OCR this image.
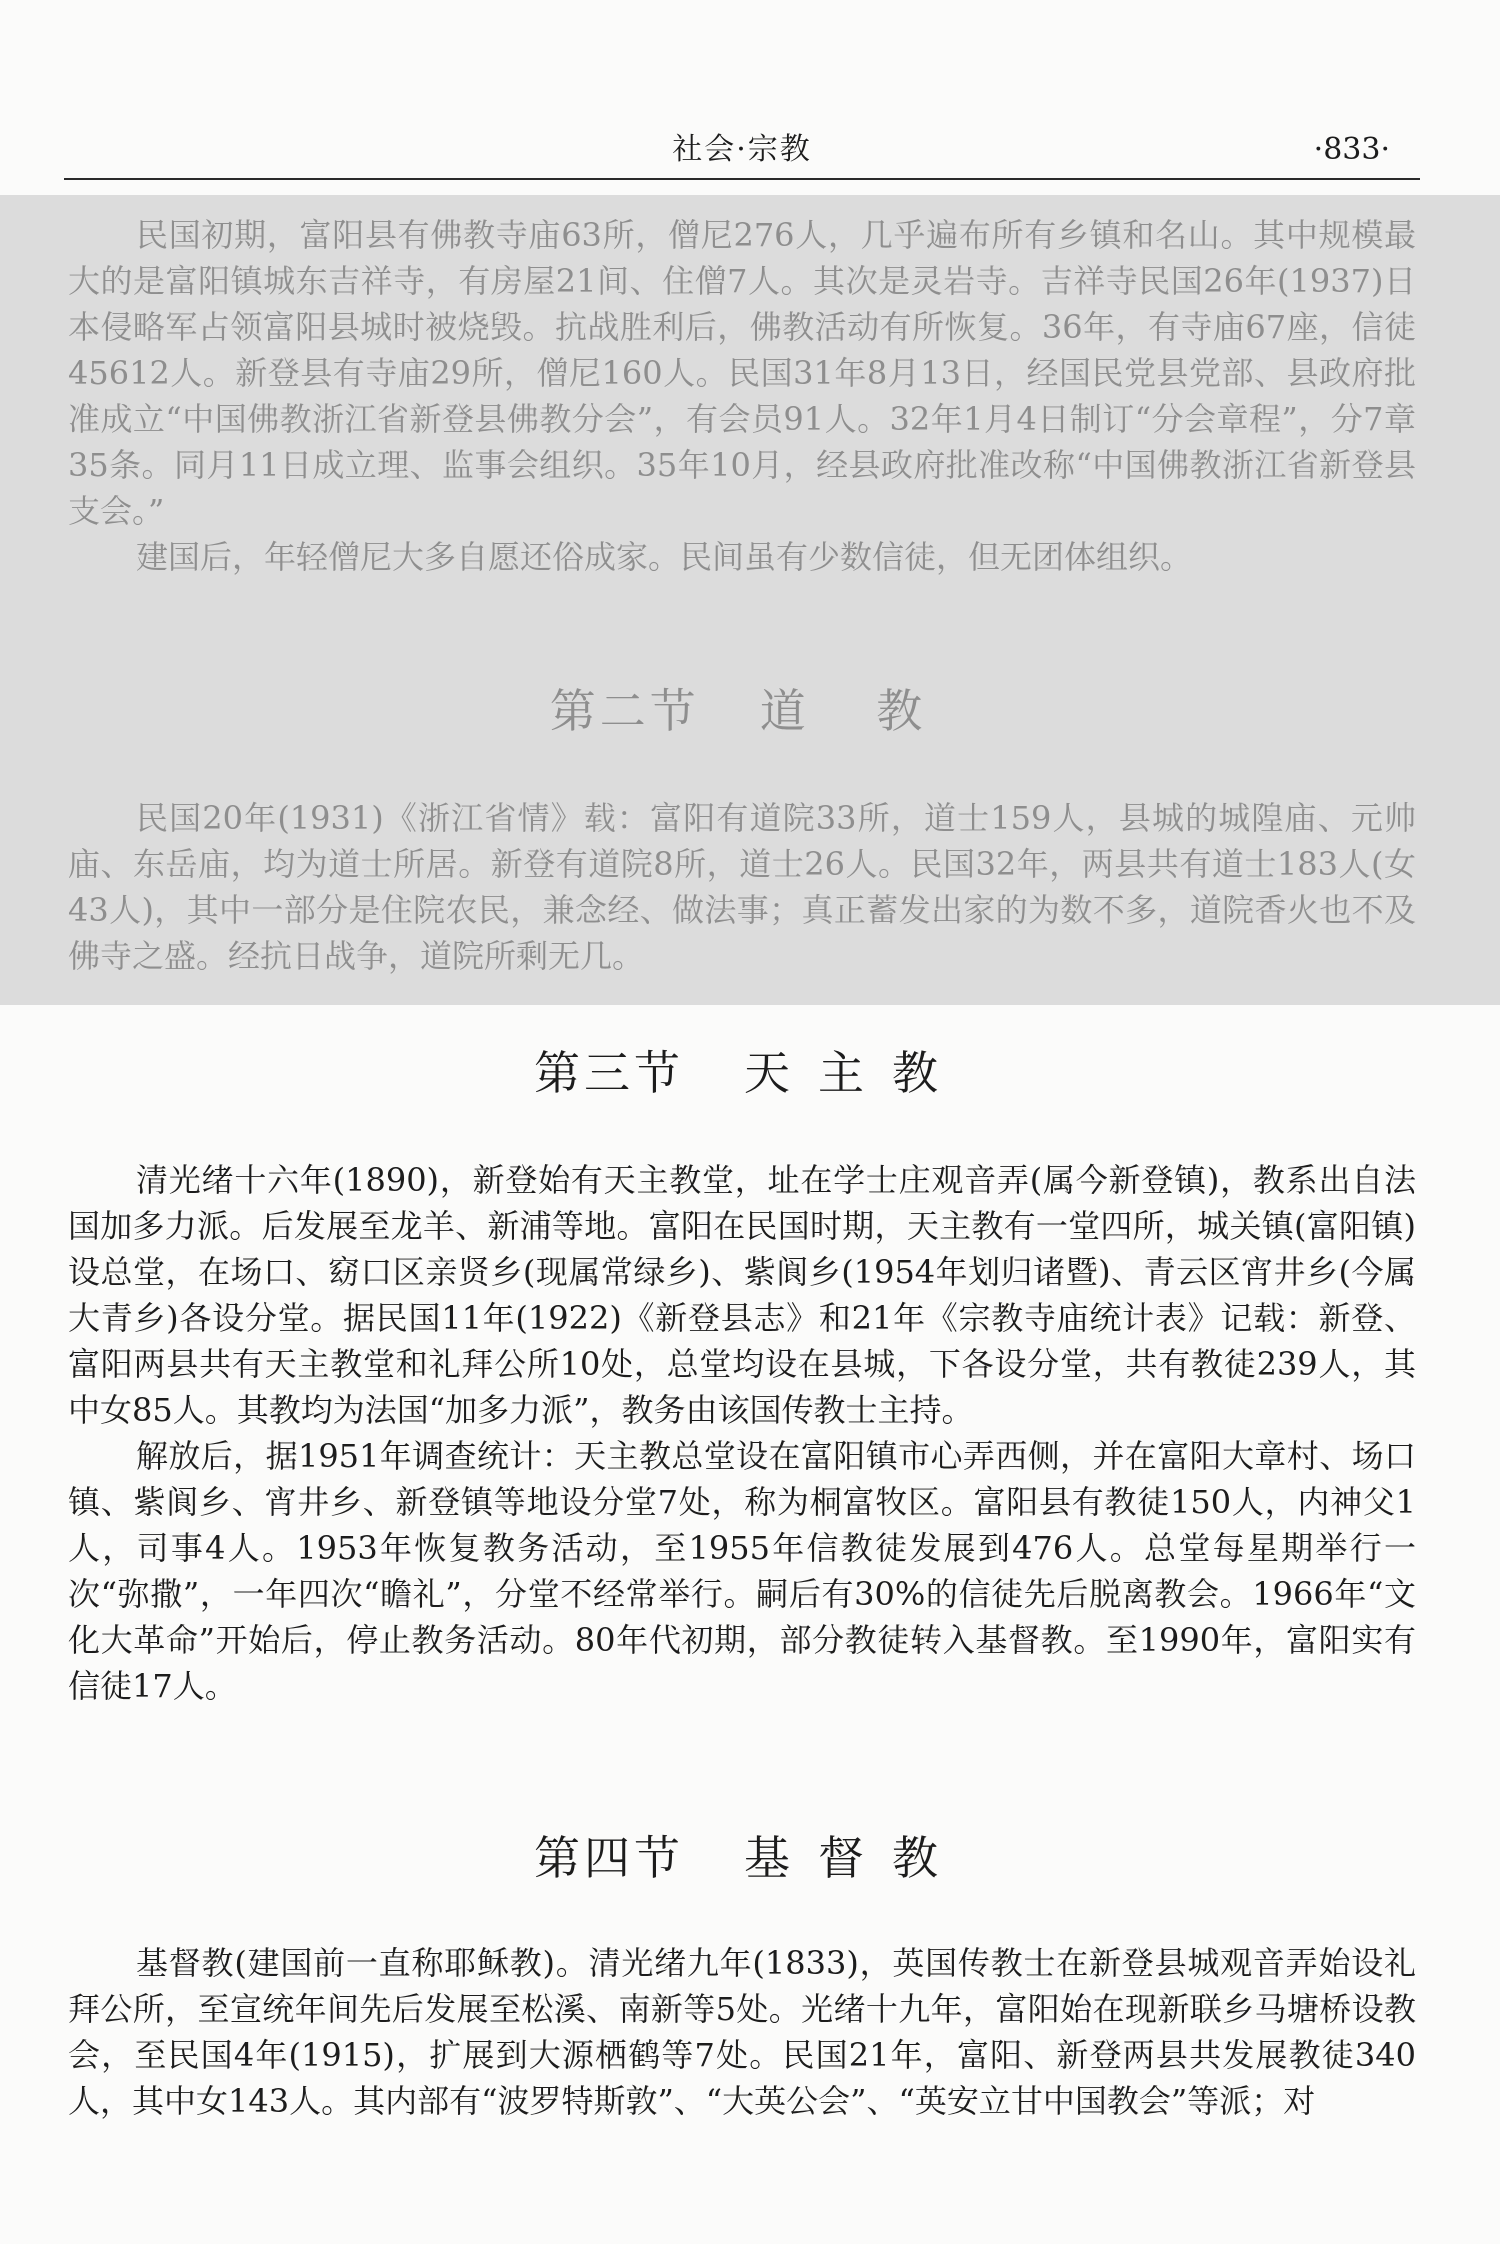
社会·宗教	·833·

民国初期，富阳县有佛教寺庙63所，僧尼276人，几乎遍布所有乡镇和名山。其中规模最大的是富阳镇城东吉祥寺，有房屋21间、住僧7人。其次是灵岩寺。吉祥寺民国26年(1937)日本侵略军占领富阳县城时被烧毁。抗战胜利后，佛教活动有所恢复。36年，有寺庙67座，信徒45612人。新登县有寺庙29所，僧尼160人。民国31年8月13日，经国民党县党部、县政府批准成立“中国佛教浙江省新登县佛教分会”，有会员91人。32年1月4日制订“分会章程”，分7章35条。同月11日成立理、监事会组织。35年10月，经县政府批准改称“中国佛教浙江省新登县支会。”

建国后，年轻僧尼大多自愿还俗成家。民间虽有少数信徒，但无团体组织。

第二节 道 教

民国20年(1931)《浙江省情》载：富阳有道院33所，道士159人，县城的城隍庙、元帅庙、东岳庙，均为道士所居。新登有道院8所，道士26人。民国32年，两县共有道士183人(女43人)，其中一部分是住院农民，兼念经、做法事；真正蓄发出家的为数不多，道院香火也不及佛寺之盛。经抗日战争，道院所剩无几。

第三节 天主教

清光绪十六年(1890)，新登始有天主教堂，址在学士庄观音弄(属今新登镇)，教系出自法国加多力派。后发展至龙羊、新浦等地。富阳在民国时期，天主教有一堂四所，城关镇(富阳镇)设总堂，在场口、窈口区亲贤乡(现属常绿乡)、紫阆乡(1954年划归诸暨)、青云区宵井乡(今属大青乡)各设分堂。据民国11年(1922)《新登县志》和21年《宗教寺庙统计表》记载：新登、富阳两县共有天主教堂和礼拜公所10处，总堂均设在县城，下各设分堂，共有教徒239人，其中女85人。其教均为法国“加多力派”，教务由该国传教士主持。

解放后，据1951年调查统计：天主教总堂设在富阳镇市心弄西侧，并在富阳大章村、场口镇、紫阆乡、宵井乡、新登镇等地设分堂7处，称为桐富牧区。富阳县有教徒150人，内神父1人，司事4人。1953年恢复教务活动，至1955年信教徒发展到476人。总堂每星期举行一次“弥撒”，一年四次“瞻礼”，分堂不经常举行。嗣后有30%的信徒先后脱离教会。1966年“文化大革命”开始后，停止教务活动。80年代初期，部分教徒转入基督教。至1990年，富阳实有信徒17人。

第四节 基督教

基督教(建国前一直称耶稣教)。清光绪九年(1833)，英国传教士在新登县城观音弄始设礼拜公所，至宣统年间先后发展至松溪、南新等5处。光绪十九年，富阳始在现新联乡马塘桥设教会，至民国4年(1915)，扩展到大源栖鹤等7处。民国21年，富阳、新登两县共发展教徒340人，其中女143人。其内部有“波罗特斯敦”、“大英公会”、“英安立甘中国教会”等派；对
